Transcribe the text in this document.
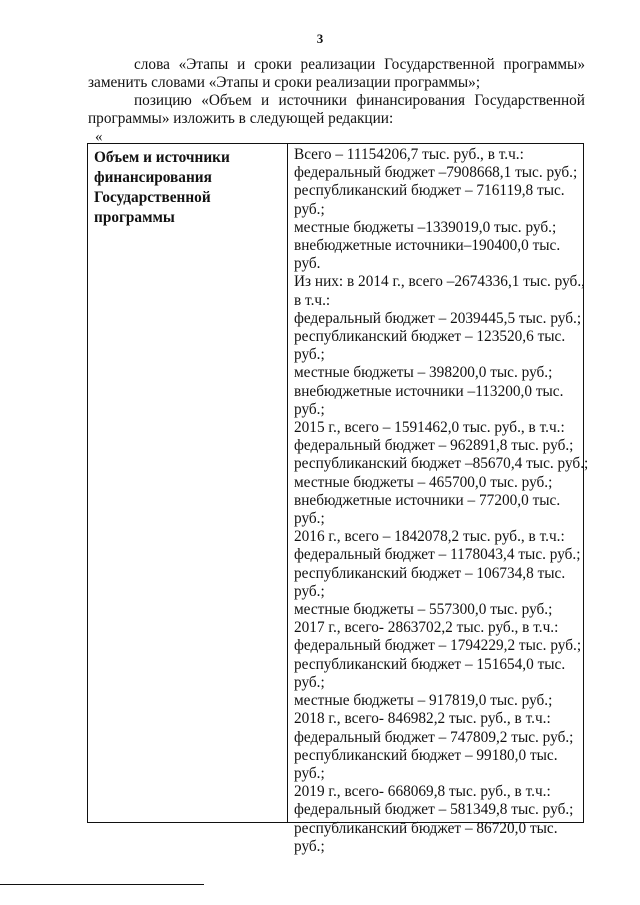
3

слова «Этапы и сроки реализации Государственной программы» заменить словами «Этапы и сроки реализации программы»;

позицию «Объем и источники финансирования Государственной программы» изложить в следующей редакции:

«
Объем и источники
финансирования
Государственной
программы
Всего – 11154206,7 тыс. руб., в т.ч.:
федеральный бюджет –7908668,1 тыс. руб.;
республиканский бюджет – 716119,8 тыс.
руб.;
местные бюджеты –1339019,0 тыс. руб.;
внебюджетные источники–190400,0 тыс.
руб.
Из них: в 2014 г., всего –2674336,1 тыс. руб.,
в т.ч.:
федеральный бюджет – 2039445,5 тыс. руб.;
республиканский бюджет – 123520,6 тыс.
руб.;
местные бюджеты – 398200,0 тыс. руб.;
внебюджетные источники –113200,0 тыс.
руб.;
2015 г., всего – 1591462,0 тыс. руб., в т.ч.:
федеральный бюджет – 962891,8 тыс. руб.;
республиканский бюджет –85670,4 тыс. руб.;
местные бюджеты – 465700,0 тыс. руб.;
внебюджетные источники – 77200,0 тыс.
руб.;
2016 г., всего – 1842078,2 тыс. руб., в т.ч.:
федеральный бюджет – 1178043,4 тыс. руб.;
республиканский бюджет – 106734,8 тыс.
руб.;
местные бюджеты – 557300,0 тыс. руб.;
2017 г., всего- 2863702,2 тыс. руб., в т.ч.:
федеральный бюджет – 1794229,2 тыс. руб.;
республиканский бюджет – 151654,0 тыс.
руб.;
местные бюджеты – 917819,0 тыс. руб.;
2018 г., всего- 846982,2 тыс. руб., в т.ч.:
федеральный бюджет – 747809,2 тыс. руб.;
республиканский бюджет – 99180,0 тыс.
руб.;
2019 г., всего- 668069,8 тыс. руб., в т.ч.:
федеральный бюджет – 581349,8 тыс. руб.;
республиканский бюджет – 86720,0 тыс.
руб.;
